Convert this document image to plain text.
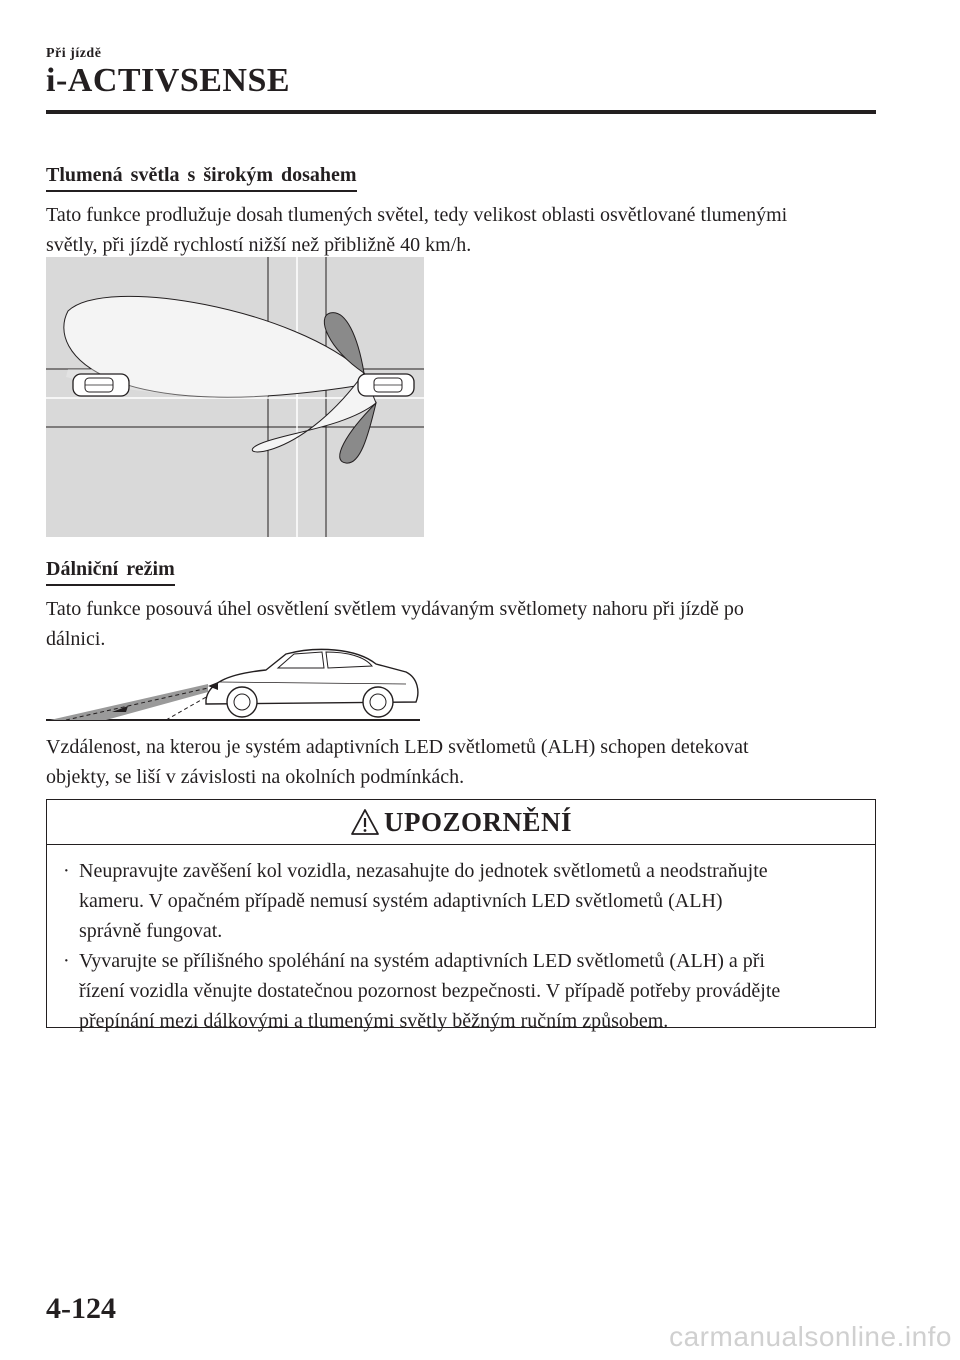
Při jízdě
i-ACTIVSENSE
Tlumená světla s širokým dosahem
Tato funkce prodlužuje dosah tlumených světel, tedy velikost oblasti osvětlované tlumenými
světly, při jízdě rychlostí nižší než přibližně 40 km/h.
Dálniční režim
Tato funkce posouvá úhel osvětlení světlem vydávaným světlomety nahoru při jízdě po
dálnici.
Vzdálenost, na kterou je systém adaptivních LED světlometů (ALH) schopen detekovat
objekty, se liší v závislosti na okolních podmínkách.
UPOZORNĚNÍ
· Neupravujte zavěšení kol vozidla, nezasahujte do jednotek světlometů a neodstraňujte
kameru. V opačném případě nemusí systém adaptivních LED světlometů (ALH)
správně fungovat.
· Vyvarujte se přílišného spoléhání na systém adaptivních LED světlometů (ALH) a při
řízení vozidla věnujte dostatečnou pozornost bezpečnosti. V případě potřeby provádějte
přepínání mezi dálkovými a tlumenými světly běžným ručním způsobem.
4-124
carmanualsonline.info
